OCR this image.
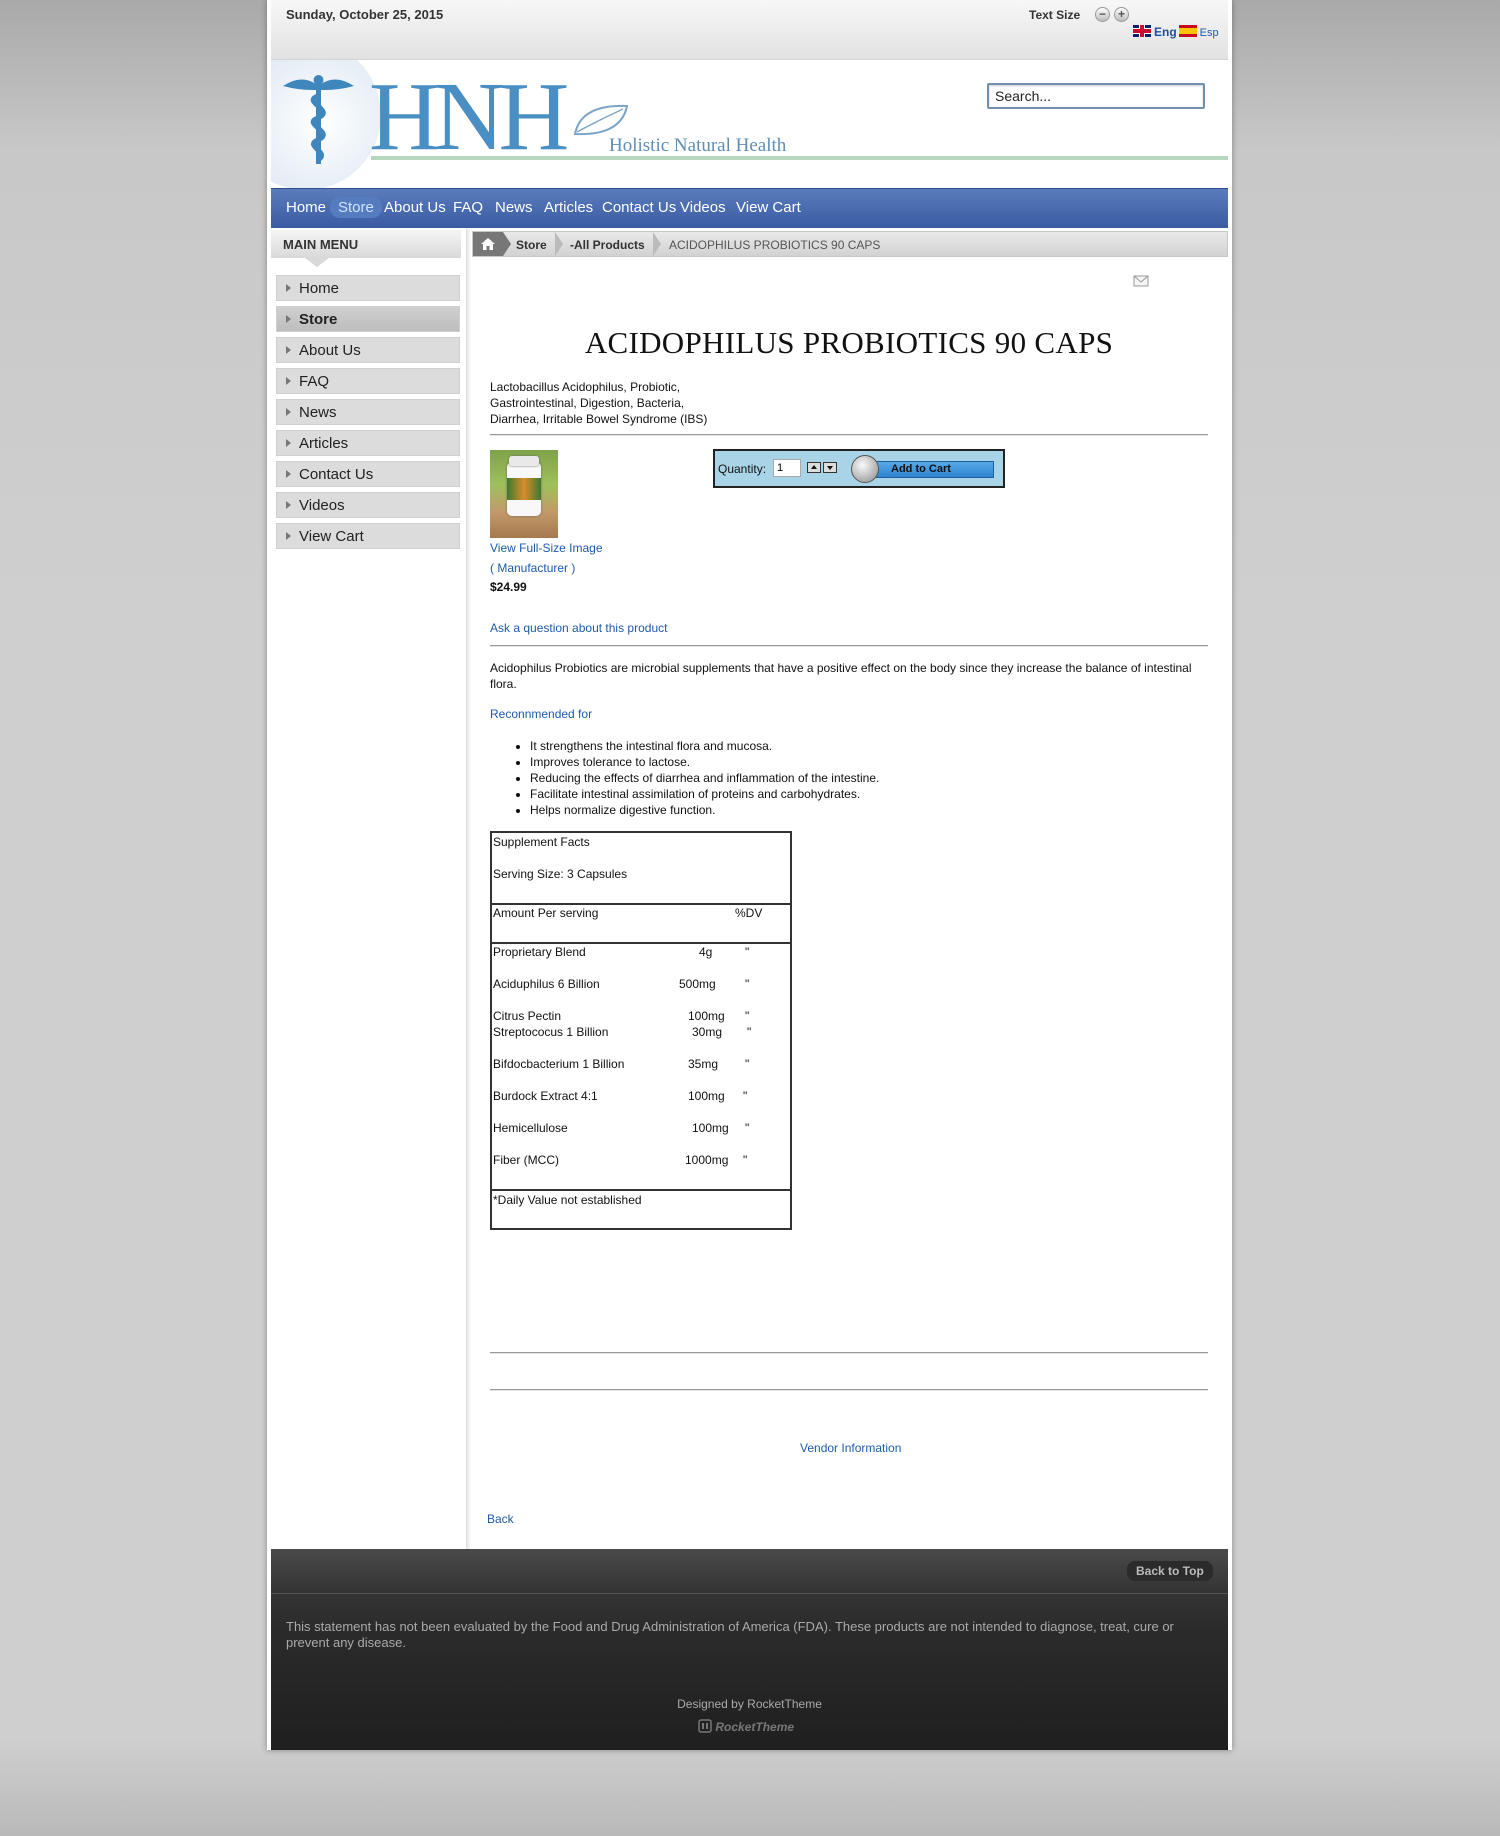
Sunday, October 25, 2015	Text Size	− +
Eng Esp
HNH Holistic Natural Health
Search...
Home Store About Us FAQ News Articles Contact Us Videos View Cart
MAIN MENU
Home
Store
About Us
FAQ
News
Articles
Contact Us
Videos
View Cart
Store -All Products ACIDOPHILUS PROBIOTICS 90 CAPS
ACIDOPHILUS PROBIOTICS 90 CAPS
Lactobacillus Acidophilus, Probiotic,
Gastrointestinal, Digestion, Bacteria,
Diarrhea, Irritable Bowel Syndrome (IBS)
View Full-Size Image
( Manufacturer )
$24.99
Ask a question about this product
Quantity:
1	Add to Cart
Acidophilus Probiotics are microbial supplements that have a positive effect on the body since they increase the balance of intestinal flora.
Reconnmended for
• It strengthens the intestinal flora and mucosa.
• Improves tolerance to lactose.
• Reducing the effects of diarrhea and inflammation of the intestine.
• Facilitate intestinal assimilation of proteins and carbohydrates.
• Helps normalize digestive function.
Supplement Facts
Serving Size: 3 Capsules
Amount Per serving	%DV
Proprietary Blend	4g	"
Aciduphilus 6 Billion	500mg "
Citrus Pectin	100mg "
Streptococus 1 Billion	30mg "
Bifdocbacterium 1 Billion	35mg "
Burdock Extract 4:1	100mg "
Hemicellulose	100mg "
Fiber (MCC)	1000mg "
*Daily Value not established
Vendor Information
Back
Back to Top
This statement has not been evaluated by the Food and Drug Administration of America (FDA). These products are not intended to diagnose, treat, cure or prevent any disease.
Designed by RocketTheme
RocketTheme
